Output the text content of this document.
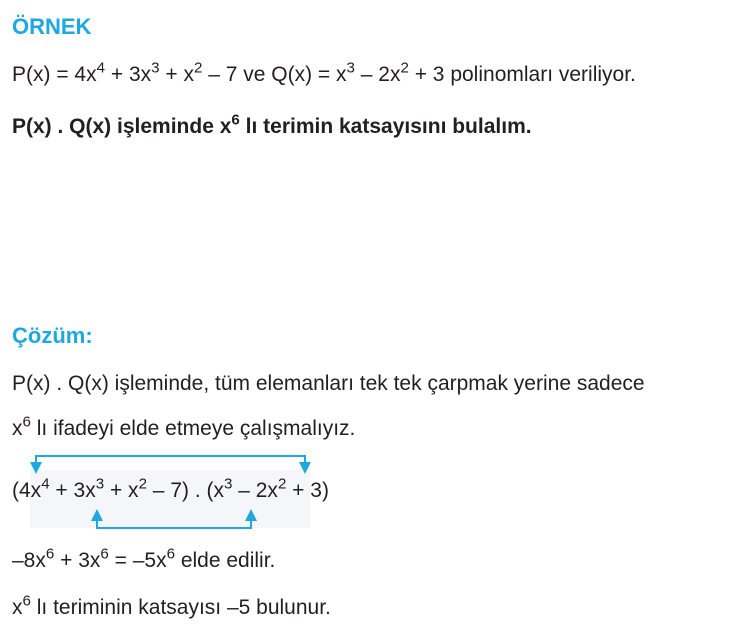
ÖRNEK
$P(x) = 4x^4 + 3x^3 + x^2 - 7$ ve $Q(x) = x^3 - 2x^2 + 3$ polinomları veriliyor.
P(x) . Q(x) işleminde $x^6$ lı terimin katsayısını bulalım.
Çözüm:
P(x) . Q(x) işleminde, tüm elemanları tek tek çarpmak yerine sadece
$x^6$ lı ifadeyi elde etmeye çalışmalıyız.
$(4x^4 + 3x^3 + x^2 - 7)$ . $(x^3 - 2x^2 + 3)$
$-8x^6 + 3x^6 = -5x^6$ elde edilir.
$x^6$ lı teriminin katsayısı –5 bulunur.
